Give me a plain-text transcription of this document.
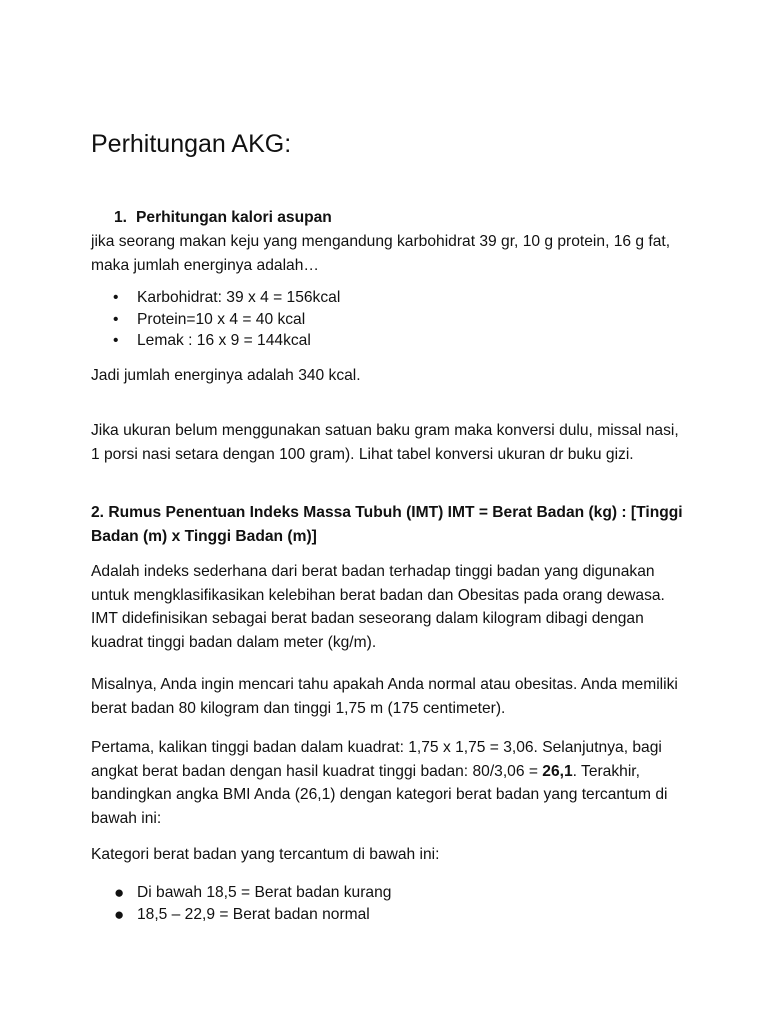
Perhitungan AKG:
1. Perhitungan kalori asupan

jika seorang makan keju yang mengandung karbohidrat 39 gr, 10 g protein, 16 g fat, maka jumlah energinya adalah…

• Karbohidrat: 39 x 4 = 156kcal
• Protein=10 x 4 = 40 kcal
• Lemak : 16 x 9 = 144kcal

Jadi jumlah energinya adalah 340 kcal.

Jika ukuran belum menggunakan satuan baku gram maka konversi dulu, missal nasi, 1 porsi nasi setara dengan 100 gram). Lihat tabel konversi ukuran dr buku gizi.

2. Rumus Penentuan Indeks Massa Tubuh (IMT) IMT = Berat Badan (kg) : [Tinggi Badan (m) x Tinggi Badan (m)]

Adalah indeks sederhana dari berat badan terhadap tinggi badan yang digunakan untuk mengklasifikasikan kelebihan berat badan dan Obesitas pada orang dewasa. IMT didefinisikan sebagai berat badan seseorang dalam kilogram dibagi dengan kuadrat tinggi badan dalam meter (kg/m).

Misalnya, Anda ingin mencari tahu apakah Anda normal atau obesitas. Anda memiliki berat badan 80 kilogram dan tinggi 1,75 m (175 centimeter).

Pertama, kalikan tinggi badan dalam kuadrat: 1,75 x 1,75 = 3,06. Selanjutnya, bagi angkat berat badan dengan hasil kuadrat tinggi badan: 80/3,06 = 26,1. Terakhir, bandingkan angka BMI Anda (26,1) dengan kategori berat badan yang tercantum di bawah ini:

Kategori berat badan yang tercantum di bawah ini:

● Di bawah 18,5 = Berat badan kurang
● 18,5 – 22,9 = Berat badan normal
